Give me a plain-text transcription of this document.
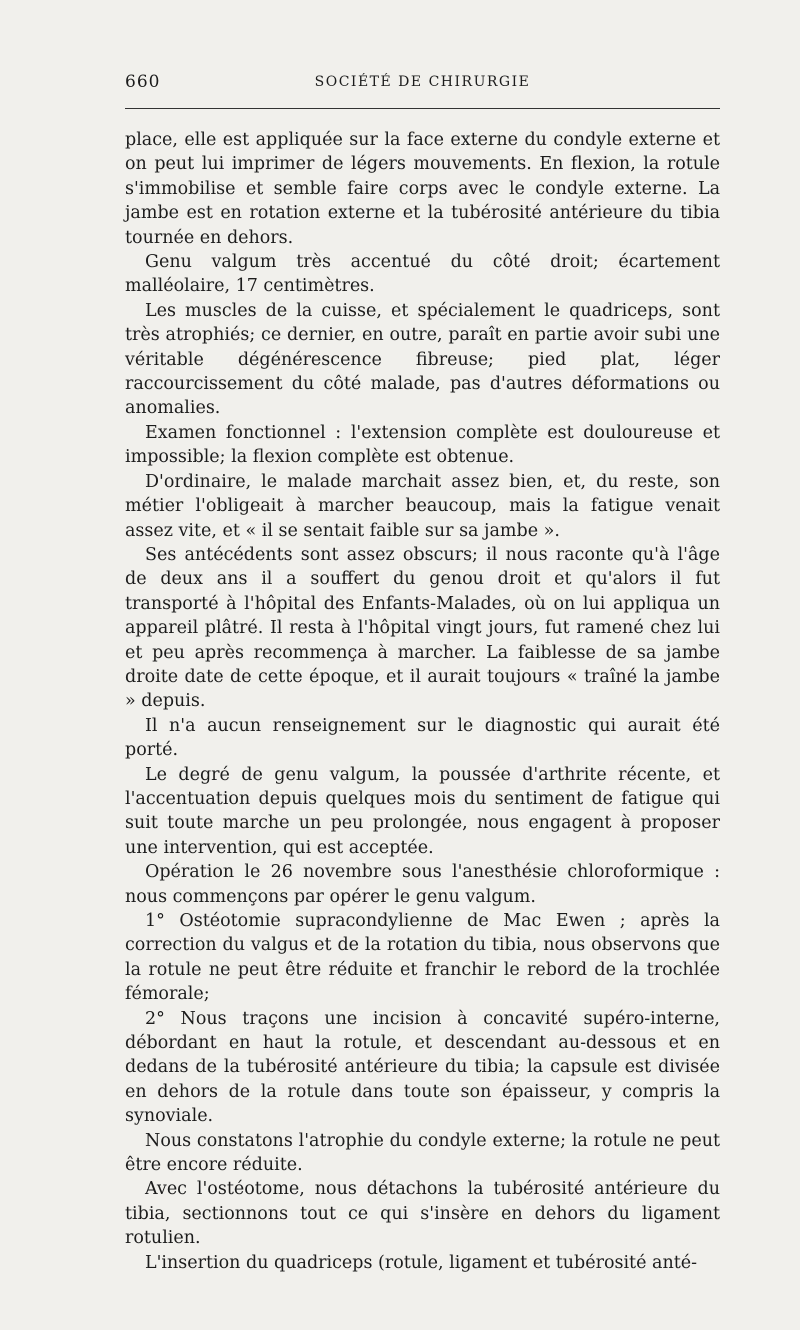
660	SOCIÉTÉ DE CHIRURGIE

place, elle est appliquée sur la face externe du condyle externe et on peut lui imprimer de légers mouvements. En flexion, la rotule s'immobilise et semble faire corps avec le condyle externe. La jambe est en rotation externe et la tubérosité antérieure du tibia tournée en dehors.

Genu valgum très accentué du côté droit; écartement malléolaire, 17 centimètres.

Les muscles de la cuisse, et spécialement le quadriceps, sont très atrophiés; ce dernier, en outre, paraît en partie avoir subi une véritable dégénérescence fibreuse; pied plat, léger raccourcissement du côté malade, pas d'autres déformations ou anomalies.

Examen fonctionnel : l'extension complète est douloureuse et impossible; la flexion complète est obtenue.

D'ordinaire, le malade marchait assez bien, et, du reste, son métier l'obligeait à marcher beaucoup, mais la fatigue venait assez vite, et « il se sentait faible sur sa jambe ».

Ses antécédents sont assez obscurs; il nous raconte qu'à l'âge de deux ans il a souffert du genou droit et qu'alors il fut transporté à l'hôpital des Enfants-Malades, où on lui appliqua un appareil plâtré. Il resta à l'hôpital vingt jours, fut ramené chez lui et peu après recommença à marcher. La faiblesse de sa jambe droite date de cette époque, et il aurait toujours « traîné la jambe » depuis.

Il n'a aucun renseignement sur le diagnostic qui aurait été porté.

Le degré de genu valgum, la poussée d'arthrite récente, et l'accentuation depuis quelques mois du sentiment de fatigue qui suit toute marche un peu prolongée, nous engagent à proposer une intervention, qui est acceptée.

Opération le 26 novembre sous l'anesthésie chloroformique : nous commençons par opérer le genu valgum.

1° Ostéotomie supracondylienne de Mac Ewen ; après la correction du valgus et de la rotation du tibia, nous observons que la rotule ne peut être réduite et franchir le rebord de la trochlée fémorale;

2° Nous traçons une incision à concavité supéro-interne, débordant en haut la rotule, et descendant au-dessous et en dedans de la tubérosité antérieure du tibia; la capsule est divisée en dehors de la rotule dans toute son épaisseur, y compris la synoviale.

Nous constatons l'atrophie du condyle externe; la rotule ne peut être encore réduite.

Avec l'ostéotome, nous détachons la tubérosité antérieure du tibia, sectionnons tout ce qui s'insère en dehors du ligament rotulien.

L'insertion du quadriceps (rotule, ligament et tubérosité anté-
